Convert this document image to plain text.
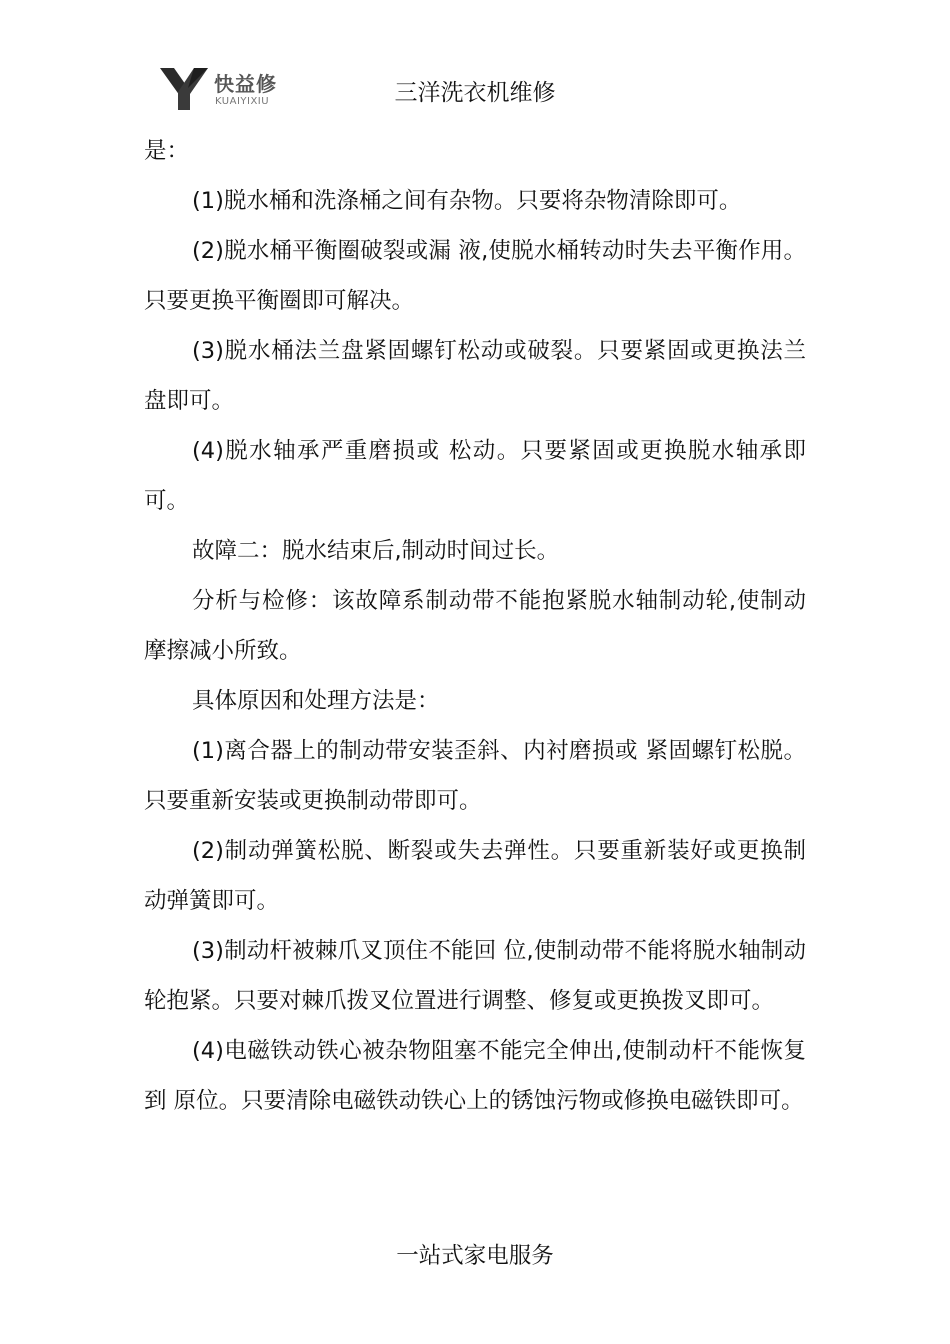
快益修
KUAIYIXIU	三洋洗衣机维修

是：

(1)脱水桶和洗涤桶之间有杂物。只要将杂物清除即可。

(2)脱水桶平衡圈破裂或漏 液,使脱水桶转动时失去平衡作用。只要更换平衡圈即可解决。

(3)脱水桶法兰盘紧固螺钉松动或破裂。只要紧固或更换法兰盘即可。

(4)脱水轴承严重磨损或 松动。只要紧固或更换脱水轴承即可。

故障二：脱水结束后,制动时间过长。

分析与检修：该故障系制动带不能抱紧脱水轴制动轮,使制动摩擦减小所致。

具体原因和处理方法是：

(1)离合器上的制动带安装歪斜、内衬磨损或 紧固螺钉松脱。只要重新安装或更换制动带即可。

(2)制动弹簧松脱、断裂或失去弹性。只要重新装好或更换制动弹簧即可。

(3)制动杆被棘爪叉顶住不能回 位,使制动带不能将脱水轴制动轮抱紧。只要对棘爪拨叉位置进行调整、修复或更换拨叉即可。

(4)电磁铁动铁心被杂物阻塞不能完全伸出,使制动杆不能恢复到 原位。只要清除电磁铁动铁心上的锈蚀污物或修换电磁铁即可。

一站式家电服务
